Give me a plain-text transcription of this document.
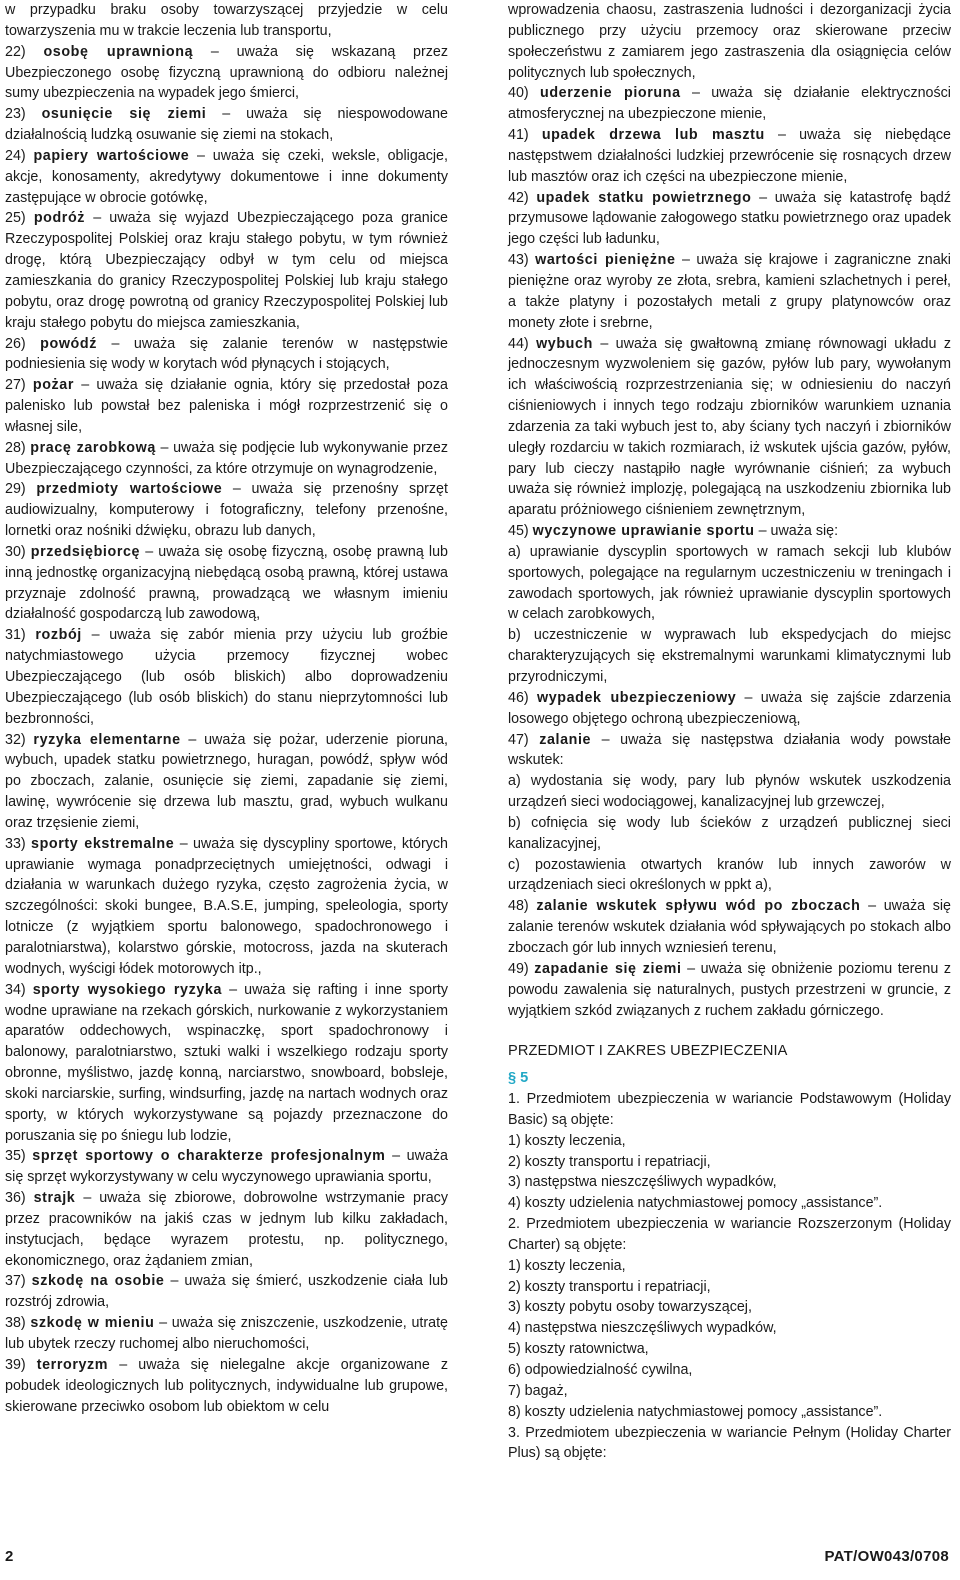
w przypadku braku osoby towarzyszącej przyjedzie w celu towarzyszenia mu w trakcie leczenia lub transportu,

22) osobę uprawnioną – uważa się wskazaną przez Ubezpieczonego osobę fizyczną uprawnioną do odbioru należnej sumy ubezpieczenia na wypadek jego śmierci,

23) osunięcie się ziemi – uważa się niespowodowane działalnością ludzką osuwanie się ziemi na stokach,

24) papiery wartościowe – uważa się czeki, weksle, obligacje, akcje, konosamenty, akredytywy dokumentowe i inne dokumenty zastępujące w obrocie gotówkę,

25) podróż – uważa się wyjazd Ubezpieczającego poza granice Rzeczypospolitej Polskiej oraz kraju stałego pobytu, w tym również drogę, którą Ubezpieczający odbył w tym celu od miejsca zamieszkania do granicy Rzeczypospolitej Polskiej lub kraju stałego pobytu, oraz drogę powrotną od granicy Rzeczypospolitej Polskiej lub kraju stałego pobytu do miejsca zamieszkania,

26) powódź – uważa się zalanie terenów w następstwie podniesienia się wody w korytach wód płynących i stojących,

27) pożar – uważa się działanie ognia, który się przedostał poza palenisko lub powstał bez paleniska i mógł rozprzestrzenić się o własnej sile,

28) pracę zarobkową – uważa się podjęcie lub wykonywanie przez Ubezpieczającego czynności, za które otrzymuje on wynagrodzenie,

29) przedmioty wartościowe – uważa się przenośny sprzęt audiowizualny, komputerowy i fotograficzny, telefony przenośne, lornetki oraz nośniki dźwięku, obrazu lub danych,

30) przedsiębiorcę – uważa się osobę fizyczną, osobę prawną lub inną jednostkę organizacyjną niebędącą osobą prawną, której ustawa przyznaje zdolność prawną, prowadzącą we własnym imieniu działalność gospodarczą lub zawodową,

31) rozbój – uważa się zabór mienia przy użyciu lub groźbie natychmiastowego użycia przemocy fizycznej wobec Ubezpieczającego (lub osób bliskich) albo doprowadzeniu Ubezpieczającego (lub osób bliskich) do stanu nieprzytomności lub bezbronności,

32) ryzyka elementarne – uważa się pożar, uderzenie pioruna, wybuch, upadek statku powietrznego, huragan, powódź, spływ wód po zboczach, zalanie, osunięcie się ziemi, zapadanie się ziemi, lawinę, wywrócenie się drzewa lub masztu, grad, wybuch wulkanu oraz trzęsienie ziemi,

33) sporty ekstremalne – uważa się dyscypliny sportowe, których uprawianie wymaga ponadprzeciętnych umiejętności, odwagi i działania w warunkach dużego ryzyka, często zagrożenia życia, w szczególności: skoki bungee, B.A.S.E, jumping, speleologia, sporty lotnicze (z wyjątkiem sportu balonowego, spadochronowego i paralotniarstwa), kolarstwo górskie, motocross, jazda na skuterach wodnych, wyścigi łódek motorowych itp.,

34) sporty wysokiego ryzyka – uważa się rafting i inne sporty wodne uprawiane na rzekach górskich, nurkowanie z wykorzystaniem aparatów oddechowych, wspinaczkę, sport spadochronowy i balonowy, paralotniarstwo, sztuki walki i wszelkiego rodzaju sporty obronne, myślistwo, jazdę konną, narciarstwo, snowboard, bobsleje, skoki narciarskie, surfing, windsurfing, jazdę na nartach wodnych oraz sporty, w których wykorzystywane są pojazdy przeznaczone do poruszania się po śniegu lub lodzie,

35) sprzęt sportowy o charakterze profesjonalnym – uważa się sprzęt wykorzystywany w celu wyczynowego uprawiania sportu,

36) strajk – uważa się zbiorowe, dobrowolne wstrzymanie pracy przez pracowników na jakiś czas w jednym lub kilku zakładach, instytucjach, będące wyrazem protestu, np. politycznego, ekonomicznego, oraz żądaniem zmian,

37) szkodę na osobie – uważa się śmierć, uszkodzenie ciała lub rozstrój zdrowia,

38) szkodę w mieniu – uważa się zniszczenie, uszkodzenie, utratę lub ubytek rzeczy ruchomej albo nieruchomości,

39) terroryzm – uważa się nielegalne akcje organizowane z pobudek ideologicznych lub politycznych, indywidualne lub grupowe, skierowane przeciwko osobom lub obiektom w celu

wprowadzenia chaosu, zastraszenia ludności i dezorganizacji życia publicznego przy użyciu przemocy oraz skierowane przeciw społeczeństwu z zamiarem jego zastraszenia dla osiągnięcia celów politycznych lub społecznych,

40) uderzenie pioruna – uważa się działanie elektryczności atmosferycznej na ubezpieczone mienie,

41) upadek drzewa lub masztu – uważa się niebędące następstwem działalności ludzkiej przewrócenie się rosnących drzew lub masztów oraz ich części na ubezpieczone mienie,

42) upadek statku powietrznego – uważa się katastrofę bądź przymusowe lądowanie załogowego statku powietrznego oraz upadek jego części lub ładunku,

43) wartości pieniężne – uważa się krajowe i zagraniczne znaki pieniężne oraz wyroby ze złota, srebra, kamieni szlachetnych i pereł, a także platyny i pozostałych metali z grupy platynowców oraz monety złote i srebrne,

44) wybuch – uważa się gwałtowną zmianę równowagi układu z jednoczesnym wyzwoleniem się gazów, pyłów lub pary, wywołanym ich właściwością rozprzestrzeniania się; w odniesieniu do naczyń ciśnieniowych i innych tego rodzaju zbiorników warunkiem uznania zdarzenia za taki wybuch jest to, aby ściany tych naczyń i zbiorników uległy rozdarciu w takich rozmiarach, iż wskutek ujścia gazów, pyłów, pary lub cieczy nastąpiło nagłe wyrównanie ciśnień; za wybuch uważa się również implozję, polegającą na uszkodzeniu zbiornika lub aparatu próżniowego ciśnieniem zewnętrznym,

45) wyczynowe uprawianie sportu – uważa się:

a) uprawianie dyscyplin sportowych w ramach sekcji lub klubów sportowych, polegające na regularnym uczestniczeniu w treningach i zawodach sportowych, jak również uprawianie dyscyplin sportowych w celach zarobkowych,

b) uczestniczenie w wyprawach lub ekspedycjach do miejsc charakteryzujących się ekstremalnymi warunkami klimatycznymi lub przyrodniczymi,

46) wypadek ubezpieczeniowy – uważa się zajście zdarzenia losowego objętego ochroną ubezpieczeniową,

47) zalanie – uważa się następstwa działania wody powstałe wskutek:

a) wydostania się wody, pary lub płynów wskutek uszkodzenia urządzeń sieci wodociągowej, kanalizacyjnej lub grzewczej,

b) cofnięcia się wody lub ścieków z urządzeń publicznej sieci kanalizacyjnej,

c) pozostawienia otwartych kranów lub innych zaworów w urządzeniach sieci określonych w ppkt a),

48) zalanie wskutek spływu wód po zboczach – uważa się zalanie terenów wskutek działania wód spływających po stokach albo zboczach gór lub innych wzniesień terenu,

49) zapadanie się ziemi – uważa się obniżenie poziomu terenu z powodu zawalenia się naturalnych, pustych przestrzeni w gruncie, z wyjątkiem szkód związanych z ruchem zakładu górniczego.

PRZEDMIOT I ZAKRES UBEZPIECZENIA

§ 5

1. Przedmiotem ubezpieczenia w wariancie Podstawowym (Holiday Basic) są objęte:

1) koszty leczenia,

2) koszty transportu i repatriacji,

3) następstwa nieszczęśliwych wypadków,

4) koszty udzielenia natychmiastowej pomocy „assistance”.

2. Przedmiotem ubezpieczenia w wariancie Rozszerzonym (Holiday Charter) są objęte:

1) koszty leczenia,

2) koszty transportu i repatriacji,

3) koszty pobytu osoby towarzyszącej,

4) następstwa nieszczęśliwych wypadków,

5) koszty ratownictwa,

6) odpowiedzialność cywilna,

7) bagaż,

8) koszty udzielenia natychmiastowej pomocy „assistance”.

3. Przedmiotem ubezpieczenia w wariancie Pełnym (Holiday Charter Plus) są objęte:

2	PAT/OW043/0708
